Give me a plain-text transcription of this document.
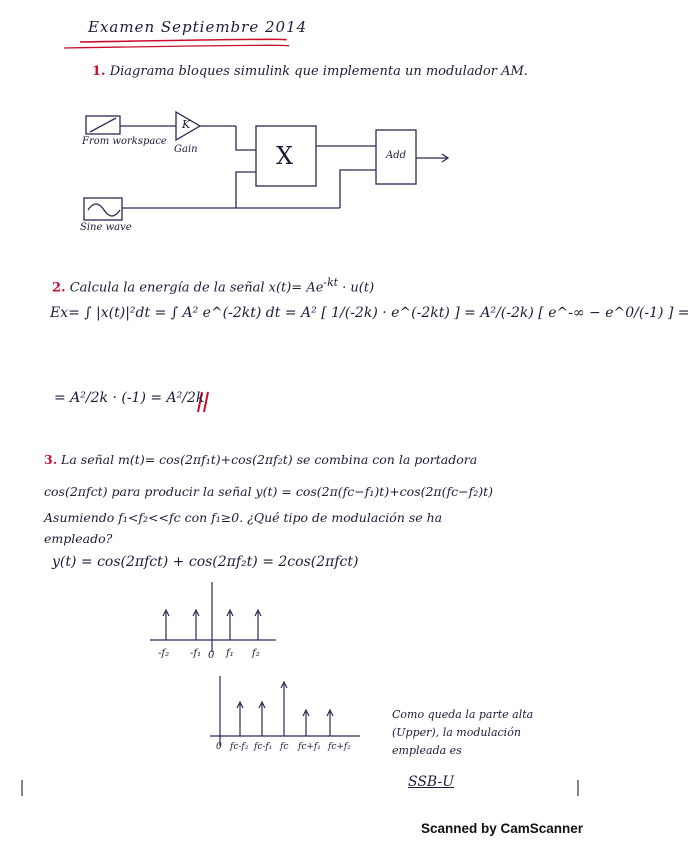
Examen Septiembre 2014
1. Diagrama bloques simulink que implementa un modulador AM.
From workspace
K
Gain	X	Add
Sine wave
2. Calcula la energía de la señal $x(t)= Ae^{-kt} \cdot u(t)$
Ex= ∫ |x(t)|²dt = ∫ A² e^(-2kt) dt = A² [ 1/(-2k) · e^(-2kt) ] = A²/(-2k) [ e^-∞ − e^0/(-1) ] =
= A²/2k · (-1) = A²/2k
3. La señal m(t)= cos(2πf₁t)+cos(2πf₂t) se combina con la portadora
cos(2πfct) para producir la señal y(t) = cos(2π(fc−f₁)t)+cos(2π(fc−f₂)t)
Asumiendo f₁<f₂<<fc con f₁≥0. ¿Qué tipo de modulación se ha
empleado?
y(t) = cos(2πfct) + cos(2πf₂t) = 2cos(2πfct)
-f₂ -f₁ 0 f₁ f₂
0 fc-f₂ fc-f₁ fc fc+f₁ fc+f₂
Como queda la parte alta
(Upper), la modulación
empleada es
SSB-U
Scanned by CamScanner
